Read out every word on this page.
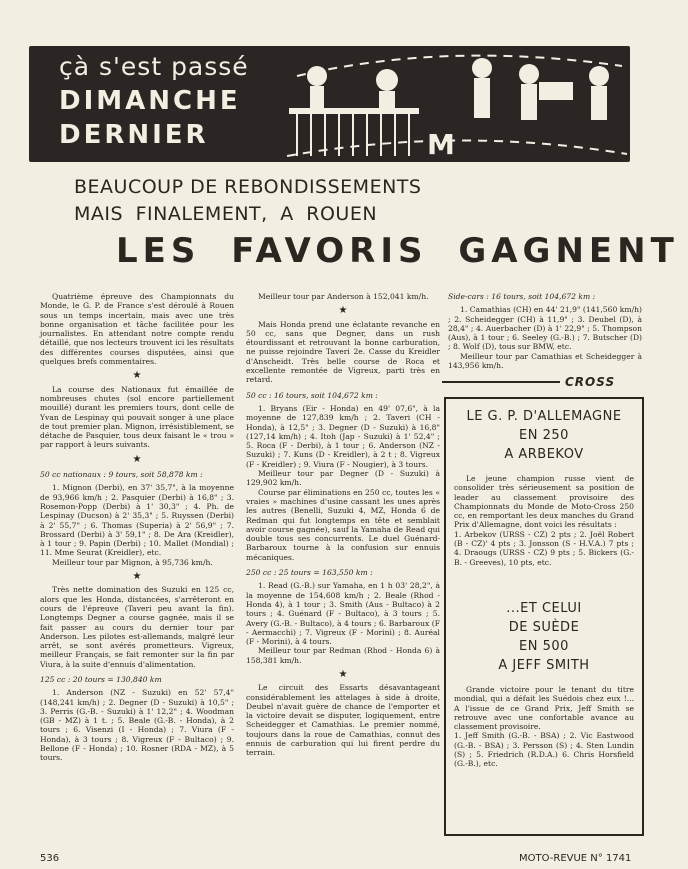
çà s'est passé
DIMANCHE
DERNIER	M
BEAUCOUP DE REBONDISSEMENTS
MAIS FINALEMENT, A ROUEN
LES FAVORIS GAGNENT

Quatrième épreuve des Championnats du Monde, le G. P. de France s'est déroulé à Rouen sous un temps incertain, mais avec une très bonne organisation et tâche facilitée pour les journalistes. En attendant notre compte rendu détaillé, que nos lecteurs trouvent ici les résultats des différentes courses disputées, ainsi que quelques brefs commentaires.

★

La course des Nationaux fut émaillée de nombreuses chutes (sol encore partiellement mouillé) durant les premiers tours, dont celle de Yvan de Lespinay qui pouvait songer à une place de tout premier plan. Mignon, irrésistiblement, se détache de Pasquier, tous deux faisant le « trou » par rapport à leurs suivants.

★

50 cc nationaux : 9 tours, soit 58,878 km :

1. Mignon (Derbi), en 37' 35,7", à la moyenne de 93,966 km/h ; 2. Pasquier (Derbi) à 16,8" ; 3. Rosemon-Popp (Derbi) à 1' 30,3" ; 4. Ph. de Lespinay (Ducson) à 2' 35,3" ; 5. Ruyssen (Derbi) à 2' 55,7" ; 6. Thomas (Superia) à 2' 56,9" ; 7. Brossard (Derbi) à 3' 59,1" ; 8. De Ara (Kreidler), à 1 tour ; 9. Papin (Derbi) ; 10. Mallet (Mondial) ; 11. Mme Seurat (Kreidler), etc.

Meilleur tour par Mignon, à 95,736 km/h.

★

Très nette domination des Suzuki en 125 cc, alors que les Honda, distancées, s'arrêteront en cours de l'épreuve (Taveri peu avant la fin). Longtemps Degner a course gagnée, mais il se fait passer au cours du dernier tour par Anderson. Les pilotes est-allemands, malgré leur arrêt, se sont avérés prometteurs. Vigreux, meilleur Français, se fait remonter sur la fin par Viura, à la suite d'ennuis d'alimentation.

125 cc : 20 tours = 130,840 km

1. Anderson (NZ - Suzuki) en 52' 57,4" (148,241 km/h) ; 2. Degner (D - Suzuki) à 10,5" ; 3. Perris (G.-B. - Suzuki) à 1' 12,2" ; 4. Woodman (GB - MZ) à 1 t. ; 5. Beale (G.-B. - Honda), à 2 tours ; 6. Visenzi (I - Honda) ; 7. Viura (F - Honda), à 3 tours ; 8. Vigreux (F - Bultaco) ; 9. Bellone (F - Honda) ; 10. Rosner (RDA - MZ), à 5 tours.

Meilleur tour par Anderson à 152,041 km/h.

★

Mais Honda prend une éclatante revanche en 50 cc, sans que Degner, dans un rush étourdissant et retrouvant la bonne carburation, ne puisse rejoindre Taveri 2e. Casse du Kreidler d'Anscheidt. Très belle course de Roca et excellente remontée de Vigreux, parti très en retard.

50 cc : 16 tours, soit 104,672 km :

1. Bryans (Eir - Honda) en 49' 07,6", à la moyenne de 127,839 km/h ; 2. Taveri (CH - Honda), à 12,5" ; 3. Degner (D - Suzuki) à 16,8" (127,14 km/h) ; 4. Itoh (Jap - Suzuki) à 1' 52,4" ; 5. Roca (F - Derbi), à 1 tour ; 6. Anderson (NZ - Suzuki) ; 7. Kuns (D - Kreidler), à 2 t ; 8. Vigreux (F - Kreidler) ; 9. Viura (F - Nougier), à 3 tours.

Meilleur tour par Degner (D - Suzuki) à 129,902 km/h.

Course par éliminations en 250 cc, toutes les « vraies » machines d'usine cassant les unes après les autres (Benelli, Suzuki 4, MZ, Honda 6 de Redman qui fut longtemps en tête et semblait avoir course gagnée), sauf la Yamaha de Read qui double tous ses concurrents. Le duel Guénard-Barbaroux tourne à la confusion sur ennuis mécaniques.

250 cc : 25 tours = 163,550 km :

1. Read (G.-B.) sur Yamaha, en 1 h 03' 28,2", à la moyenne de 154,608 km/h ; 2. Beale (Rhod - Honda 4), à 1 tour ; 3. Smith (Aus - Bultaco) à 2 tours ; 4. Guénard (F - Bultaco), à 3 tours ; 5. Avery (G.-B. - Bultaco), à 4 tours ; 6. Barbaroux (F - Aermacchi) ; 7. Vigreux (F - Morini) ; 8. Auréal (F - Morini), à 4 tours.

Meilleur tour par Redman (Rhod - Honda 6) à 158,381 km/h.

★

Le circuit des Essarts désavantageant considérablement les attelages à side à droite, Deubel n'avait guère de chance de l'emporter et la victoire devait se disputer, logiquement, entre Scheidegger et Camathias. Le premier nommé, toujours dans la roue de Camathias, connut des ennuis de carburation qui lui firent perdre du terrain.

Side-cars : 16 tours, soit 104,672 km :

1. Camathias (CH) en 44' 21,9" (141,560 km/h) ; 2. Scheidegger (CH) à 11,9" ; 3. Deubel (D), à 28,4" ; 4. Auerbacher (D) à 1' 22,9" ; 5. Thompson (Aus), à 1 tour ; 6. Seeley (G.-B.) ; 7. Butscher (D) ; 8. Wolf (D), tous sur BMW, etc.

Meilleur tour par Camathias et Scheidegger à 143,956 km/h.

CROSS
LE G. P. D'ALLEMAGNE
EN 250
A ARBEKOV

Le jeune champion russe vient de consolider très sérieusement sa position de leader au classement provisoire des Championnats du Monde de Moto-Cross 250 cc, en remportant les deux manches du Grand Prix d'Allemagne, dont voici les résultats :

1. Arbekov (URSS - CZ) 2 pts ; 2. Joël Robert (B - CZ)' 4 pts ; 3. Jonsson (S - H.V.A.) 7 pts ; 4. Draougs (URSS - CZ) 9 pts ; 5. Bickers (G.-B. - Greeves), 10 pts, etc.

...ET CELUI
DE SUÈDE
EN 500
A JEFF SMITH

Grande victoire pour le tenant du titre mondial, qui a défait les Suédois chez eux !... A l'issue de ce Grand Prix, Jeff Smith se retrouve avec une confortable avance au classement provisoire.

1. Jeff Smith (G.-B. - BSA) ; 2. Vic Eastwood (G.-B. - BSA) ; 3. Persson (S) ; 4. Sten Lundin (S) ; 5. Friedrich (R.D.A.) 6. Chris Horsfield (G.-B.), etc.

536	MOTO-REVUE N° 1741
